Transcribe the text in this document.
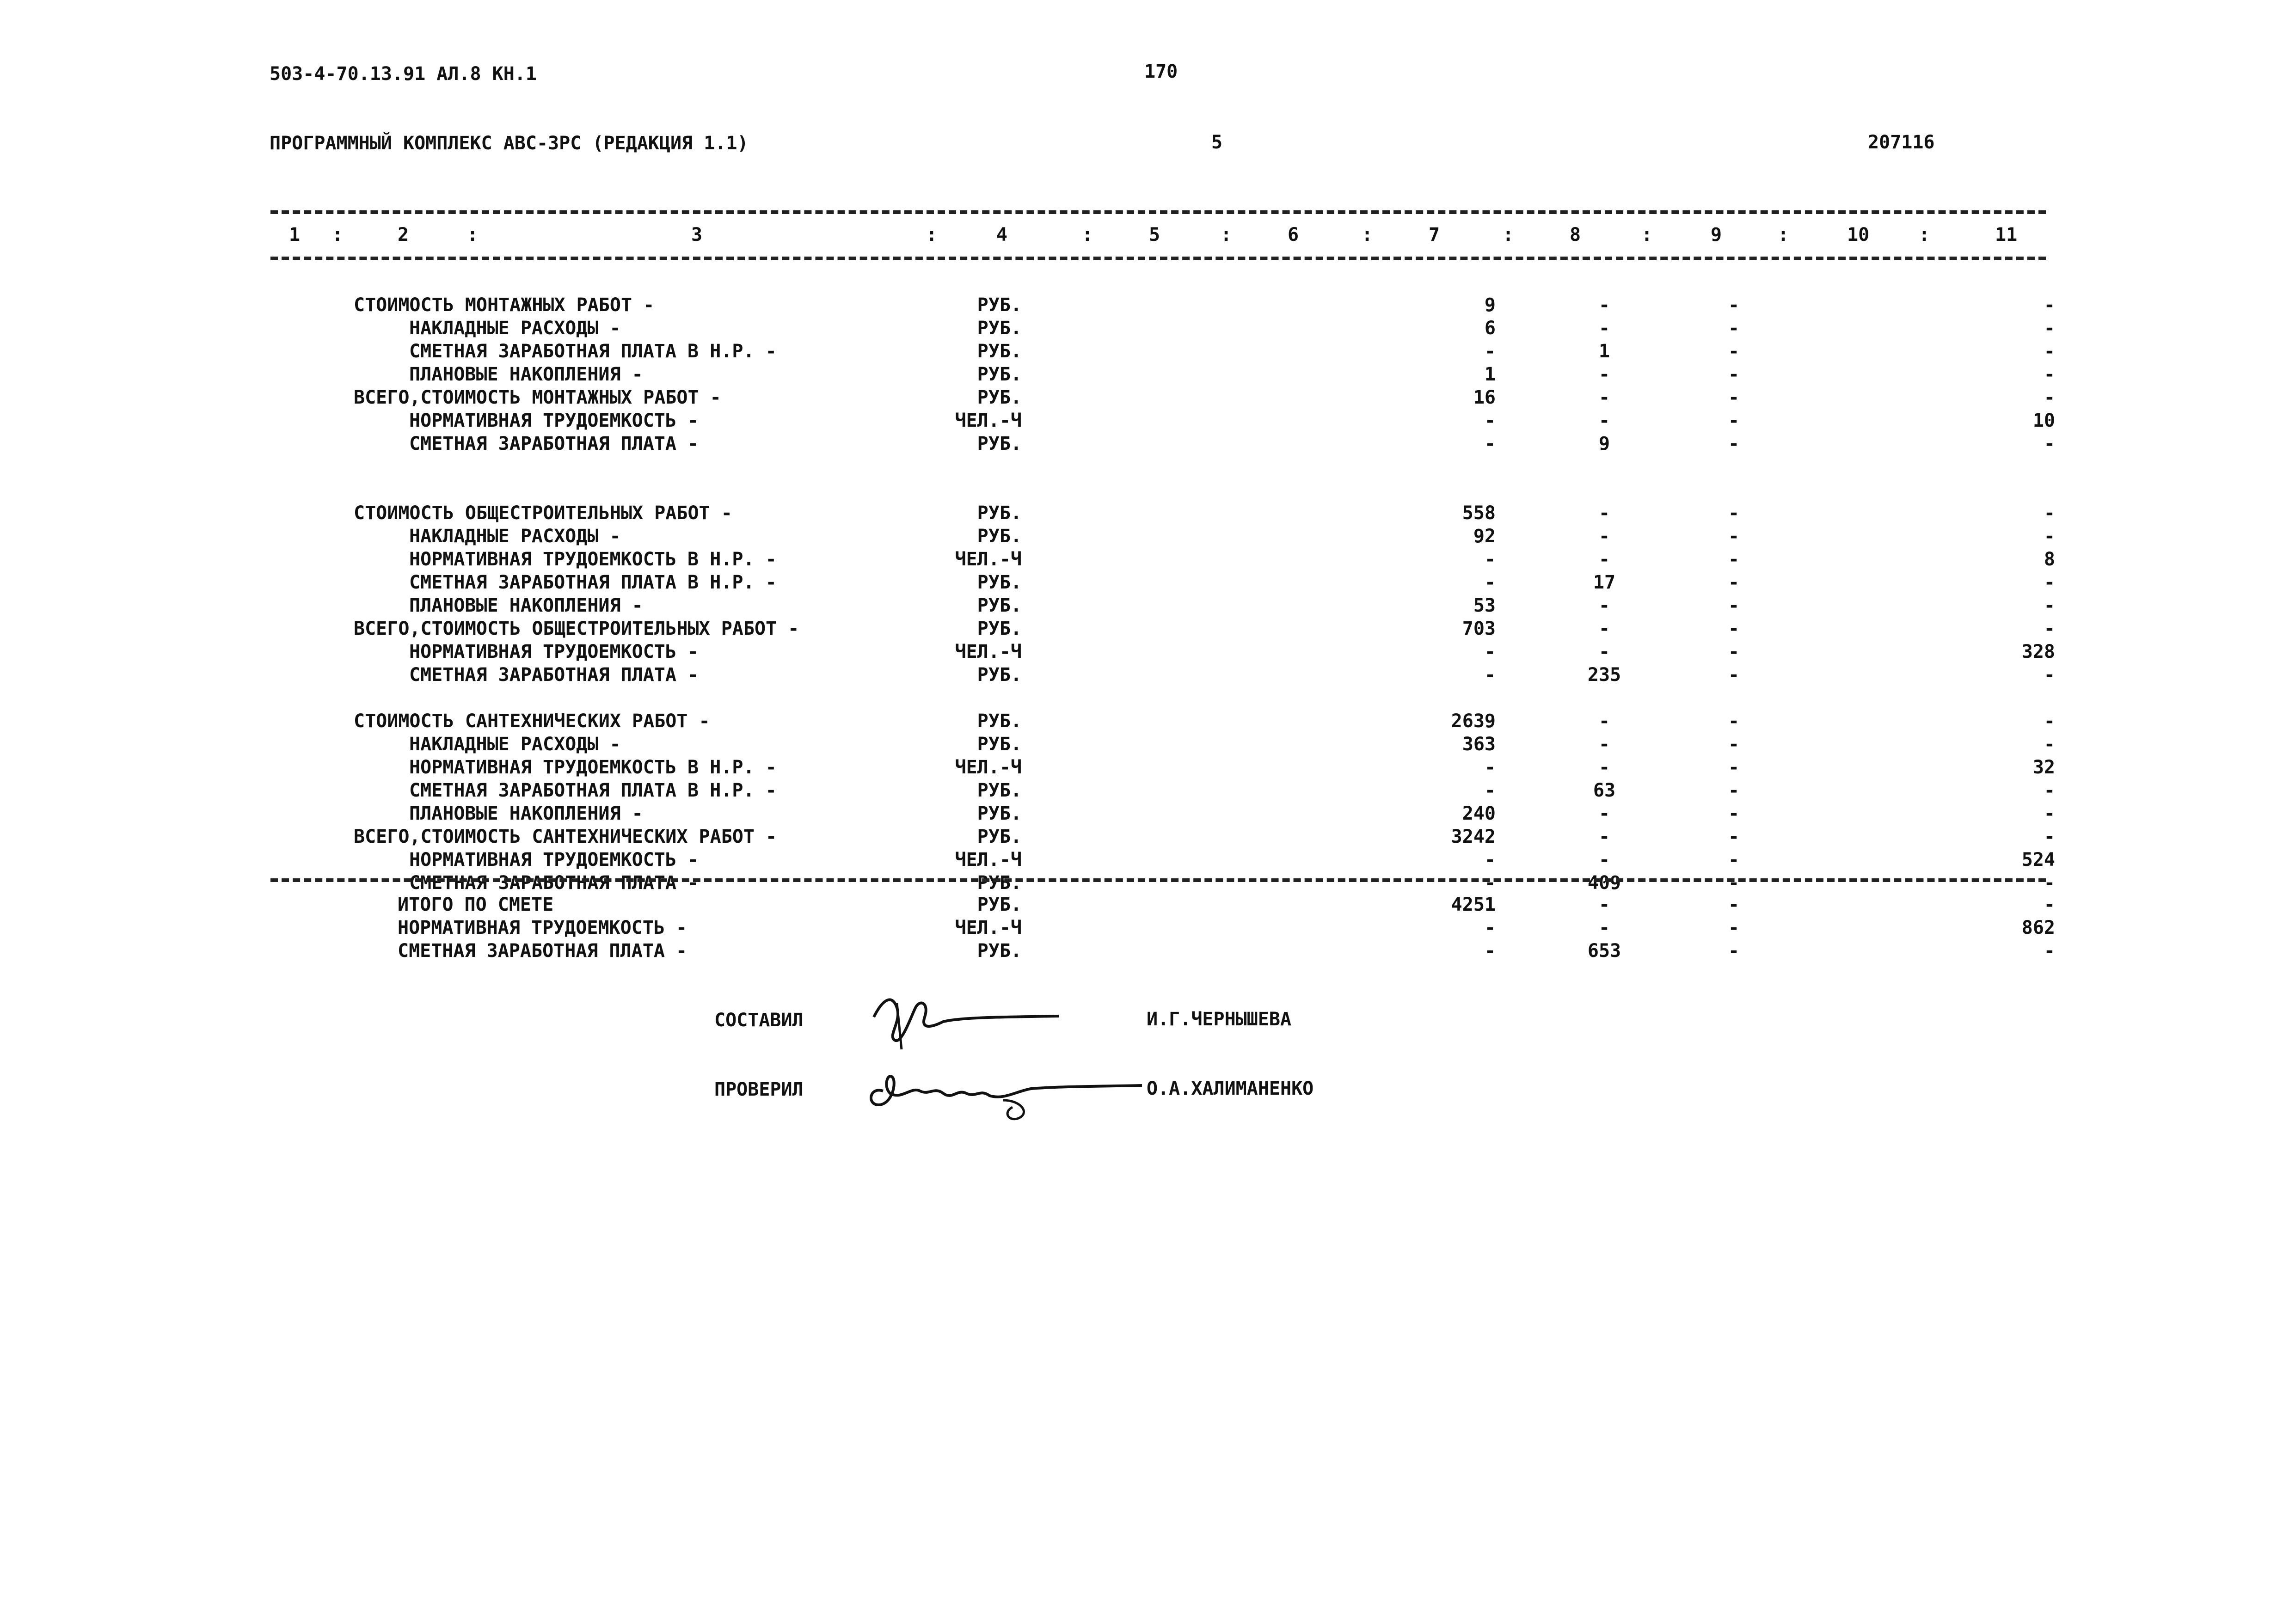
503-4-70.13.91 АЛ.8 КН.1	170
ПРОГРАММНЫЙ КОМПЛЕКС АВС-3РС (РЕДАКЦИЯ 1.1)	5	207116
1	2	3	4	5	6	7	8	9	10	11
:	:	:	:	:	:	:	:	:	:
СТОИМОСТЬ МОНТАЖНЫХ РАБОТ -	РУБ.	9	-	-	-
НАКЛАДНЫЕ РАСХОДЫ -	РУБ.	6	-	-	-
СМЕТНАЯ ЗАРАБОТНАЯ ПЛАТА В Н.Р. -	РУБ.	-	1	-	-
ПЛАНОВЫЕ НАКОПЛЕНИЯ -	РУБ.	1	-	-	-
ВСЕГО,СТОИМОСТЬ МОНТАЖНЫХ РАБОТ -	РУБ.	16	-	-	-
НОРМАТИВНАЯ ТРУДОЕМКОСТЬ -	ЧЕЛ.-Ч	-	-	-	10
СМЕТНАЯ ЗАРАБОТНАЯ ПЛАТА -	РУБ.	-	9	-	-
СТОИМОСТЬ ОБЩЕСТРОИТЕЛЬНЫХ РАБОТ -	РУБ.	558	-	-	-
НАКЛАДНЫЕ РАСХОДЫ -	РУБ.	92	-	-	-
НОРМАТИВНАЯ ТРУДОЕМКОСТЬ В Н.Р. -	ЧЕЛ.-Ч	-	-	-	8
СМЕТНАЯ ЗАРАБОТНАЯ ПЛАТА В Н.Р. -	РУБ.	-	17	-	-
ПЛАНОВЫЕ НАКОПЛЕНИЯ -	РУБ.	53	-	-	-
ВСЕГО,СТОИМОСТЬ ОБЩЕСТРОИТЕЛЬНЫХ РАБОТ -	РУБ.	703	-	-	-
НОРМАТИВНАЯ ТРУДОЕМКОСТЬ -	ЧЕЛ.-Ч	-	-	-	328
СМЕТНАЯ ЗАРАБОТНАЯ ПЛАТА -	РУБ.	-	235	-	-
СТОИМОСТЬ САНТЕХНИЧЕСКИХ РАБОТ -	РУБ.	2639	-	-	-
НАКЛАДНЫЕ РАСХОДЫ -	РУБ.	363	-	-	-
НОРМАТИВНАЯ ТРУДОЕМКОСТЬ В Н.Р. -	ЧЕЛ.-Ч	-	-	-	32
СМЕТНАЯ ЗАРАБОТНАЯ ПЛАТА В Н.Р. -	РУБ.	-	63	-	-
ПЛАНОВЫЕ НАКОПЛЕНИЯ -	РУБ.	240	-	-	-
ВСЕГО,СТОИМОСТЬ САНТЕХНИЧЕСКИХ РАБОТ -	РУБ.	3242	-	-	-
НОРМАТИВНАЯ ТРУДОЕМКОСТЬ -	ЧЕЛ.-Ч	-	-	-	524
СМЕТНАЯ ЗАРАБОТНАЯ ПЛАТА -	РУБ.	-	409	-	-
ИТОГО ПО СМЕТЕ	РУБ.	4251	-	-	-
НОРМАТИВНАЯ ТРУДОЕМКОСТЬ -	ЧЕЛ.-Ч	-	-	-	862
СМЕТНАЯ ЗАРАБОТНАЯ ПЛАТА -	РУБ.	-	653	-	-
СОСТАВИЛ	И.Г.ЧЕРНЫШЕВА
ПРОВЕРИЛ	О.А.ХАЛИМАНЕНКО
